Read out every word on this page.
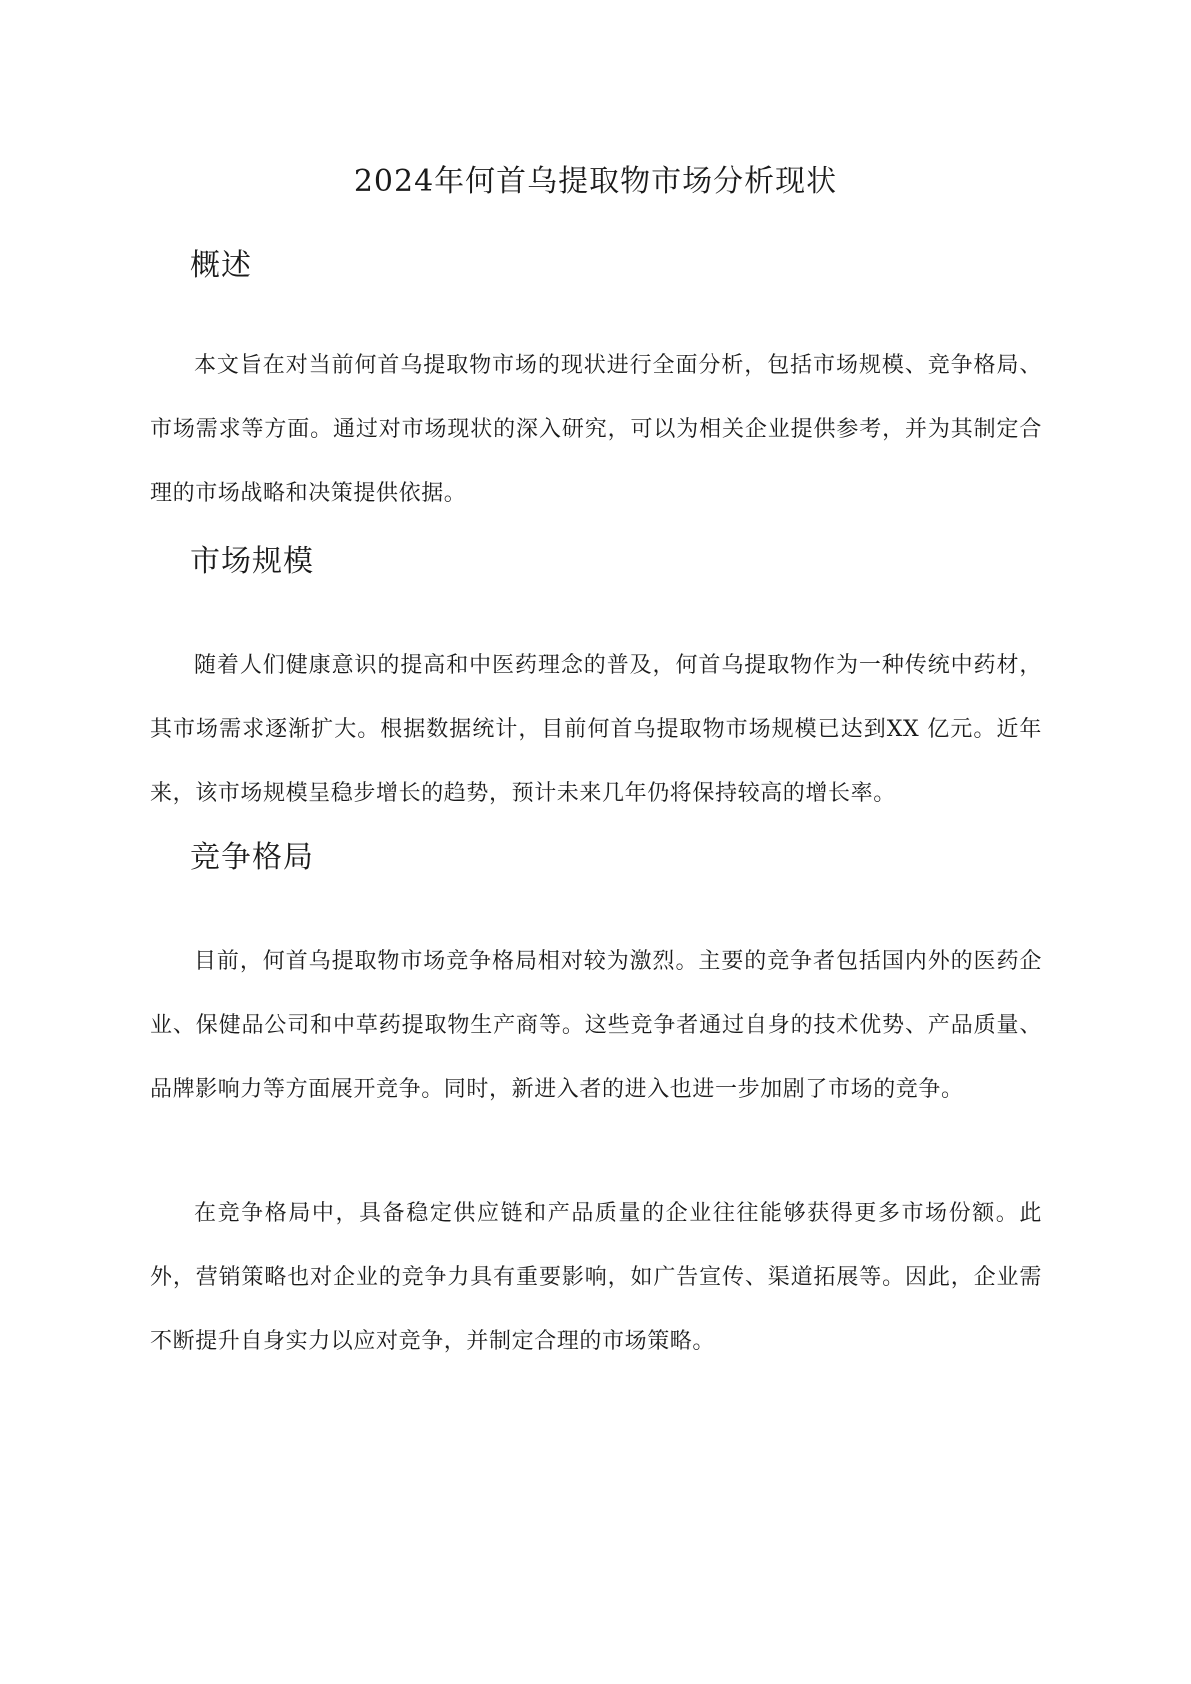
2024年何首乌提取物市场分析现状
概述

本文旨在对当前何首乌提取物市场的现状进行全面分析，包括市场规模、竞争格局、市场需求等方面。通过对市场现状的深入研究，可以为相关企业提供参考，并为其制定合理的市场战略和决策提供依据。

市场规模

随着人们健康意识的提高和中医药理念的普及，何首乌提取物作为一种传统中药材，其市场需求逐渐扩大。根据数据统计，目前何首乌提取物市场规模已达到XX 亿元。近年来，该市场规模呈稳步增长的趋势，预计未来几年仍将保持较高的增长率。

竞争格局

目前，何首乌提取物市场竞争格局相对较为激烈。主要的竞争者包括国内外的医药企业、保健品公司和中草药提取物生产商等。这些竞争者通过自身的技术优势、产品质量、品牌影响力等方面展开竞争。同时，新进入者的进入也进一步加剧了市场的竞争。

在竞争格局中，具备稳定供应链和产品质量的企业往往能够获得更多市场份额。此外，营销策略也对企业的竞争力具有重要影响，如广告宣传、渠道拓展等。因此，企业需不断提升自身实力以应对竞争，并制定合理的市场策略。
